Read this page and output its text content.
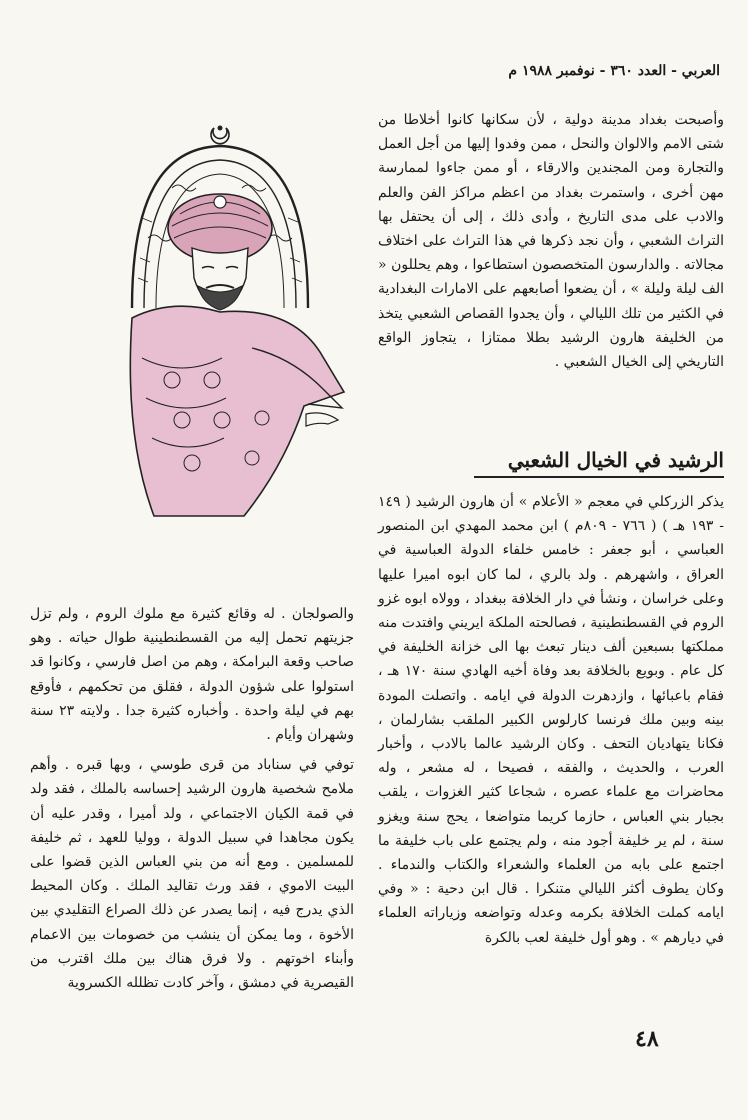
العربي - العدد ٣٦٠ - نوفمبر ١٩٨٨ م

وأصبحت بغداد مدينة دولية ، لأن سكانها كانوا أخلاطا من شتى الامم والالوان والنحل ، ممن وفدوا إليها من أجل العمل والتجارة ومن المجندين والارقاء ، أو ممن جاءوا لممارسة مهن أخرى ، واستمرت بغداد من اعظم مراكز الفن والعلم والادب على مدى التاريخ ، وأدى ذلك ، إلى أن يحتفل بها التراث الشعبي ، وأن نجد ذكرها في هذا التراث على اختلاف مجالاته . والدارسون المتخصصون استطاعوا ، وهم يحللون « الف ليلة وليلة » ، أن يضعوا أصابعهم على الامارات البغدادية في الكثير من تلك الليالي ، وأن يجدوا القصاص الشعبي يتخذ من الخليفة هارون الرشيد بطلا ممتازا ، يتجاوز الواقع التاريخي إلى الخيال الشعبي .

الرشيد في الخيال الشعبي

يذكر الزركلي في معجم « الأعلام » أن هارون الرشيد ( ١٤٩ - ١٩٣ هـ ) ( ٧٦٦ - ٨٠٩م ) ابن محمد المهدي ابن المنصور العباسي ، أبو جعفر : خامس خلفاء الدولة العباسية في العراق ، واشهرهم . ولد بالري ، لما كان ابوه اميرا عليها وعلى خراسان ، ونشأ في دار الخلافة ببغداد ، وولاه ابوه غزو الروم في القسطنطينية ، فصالحته الملكة ايريني وافتدت منه مملكتها بسبعين ألف دينار تبعث بها الى خزانة الخليفة في كل عام . وبويع بالخلافة بعد وفاة أخيه الهادي سنة ١٧٠ هـ ، فقام باعبائها ، وازدهرت الدولة في ايامه . واتصلت المودة بينه وبين ملك فرنسا كارلوس الكبير الملقب بشارلمان ، فكانا يتهاديان التحف . وكان الرشيد عالما بالادب ، وأخبار العرب ، والحديث ، والفقه ، فصيحا ، له مشعر ، وله محاضرات مع علماء عصره ، شجاعا كثير الغزوات ، يلقب بجبار بني العباس ، حازما كريما متواضعا ، يحج سنة ويغزو سنة ، لم ير خليفة أجود منه ، ولم يجتمع على باب خليفة ما اجتمع على بابه من العلماء والشعراء والكتاب والندماء . وكان يطوف أكثر الليالي متنكرا . قال ابن دحية : « وفي ايامه كملت الخلافة بكرمه وعدله وتواضعه وزياراته العلماء في ديارهم » . وهو أول خليفة لعب بالكرة

والصولجان . له وقائع كثيرة مع ملوك الروم ، ولم تزل جزيتهم تحمل إليه من القسطنطينية طوال حياته . وهو صاحب وقعة البرامكة ، وهم من اصل فارسي ، وكانوا قد استولوا على شؤون الدولة ، فقلق من تحكمهم ، فأوقع بهم في ليلة واحدة . وأخباره كثيرة جدا . ولايته ٢٣ سنة وشهران وأيام .

توفي في سناباد من قرى طوسي ، وبها قبره . وأهم ملامح شخصية هارون الرشيد إحساسه بالملك ، فقد ولد في قمة الكيان الاجتماعي ، ولد أميرا ، وقدر عليه أن يكون مجاهدا في سبيل الدولة ، ووليا للعهد ، ثم خليفة للمسلمين . ومع أنه من بني العباس الذين قضوا على البيت الاموي ، فقد ورث تقاليد الملك . وكان المحيط الذي يدرج فيه ، إنما يصدر عن ذلك الصراع التقليدي بين الأخوة ، وما يمكن أن ينشب من خصومات بين الاعمام وأبناء اخوتهم . ولا فرق هناك بين ملك اقترب من القيصرية في دمشق ، وآخر كادت تظلله الكسروية

٤٨
